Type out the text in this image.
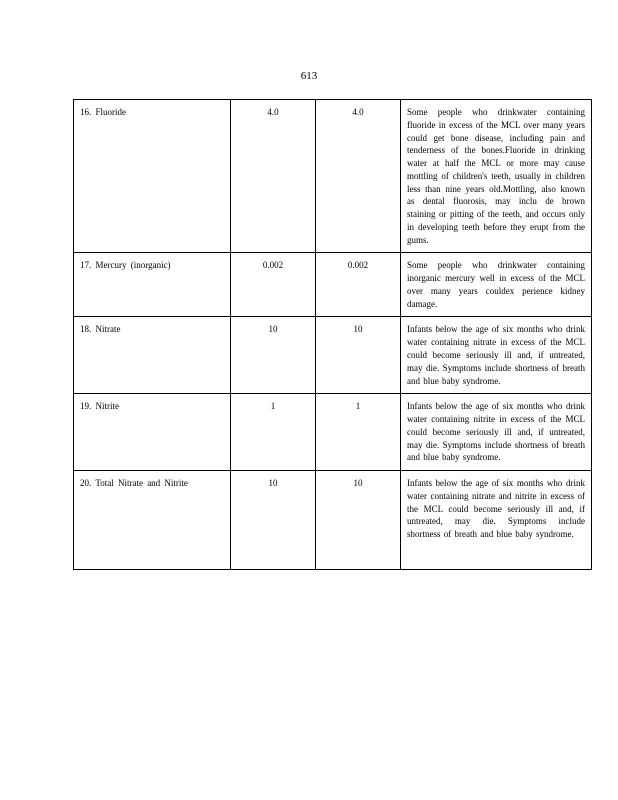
613
16. Fluoride	4.0	4.0	Some people who drinkwater containing fluoride in excess of the MCL over many years could get bone disease, including pain and tenderness of the bones.Fluoride in drinking water at half the MCL or more may cause mottling of children's teeth, usually in children less than nine years old.Mottling, also known as dental fluorosis, may inclu de brown staining or pitting of the teeth, and occurs only in developing teeth before they erupt from the gums.
17. Mercury (inorganic)	0.002	0.002	Some people who drinkwater containing inorganic mercury well in excess of the MCL over many years couldex perience kidney damage.
18. Nitrate	10	10	Infants below the age of six months who drink water containing nitrate in excess of the MCL could become seriously ill and, if untreated, may die. Symptoms include shortness of breath and blue baby syndrome.
19. Nitrite	1	1	Infants below the age of six months who drink water containing nitrite in excess of the MCL could become seriously ill and, if untreated, may die. Symptoms include shortness of breath and blue baby syndrome.
20. Total Nitrate and Nitrite	10	10	Infants below the age of six months who drink water containing nitrate and nitrite in excess of the MCL could become seriously ill and, if untreated, may die. Symptoms include shortness of breath and blue baby syndrome.
